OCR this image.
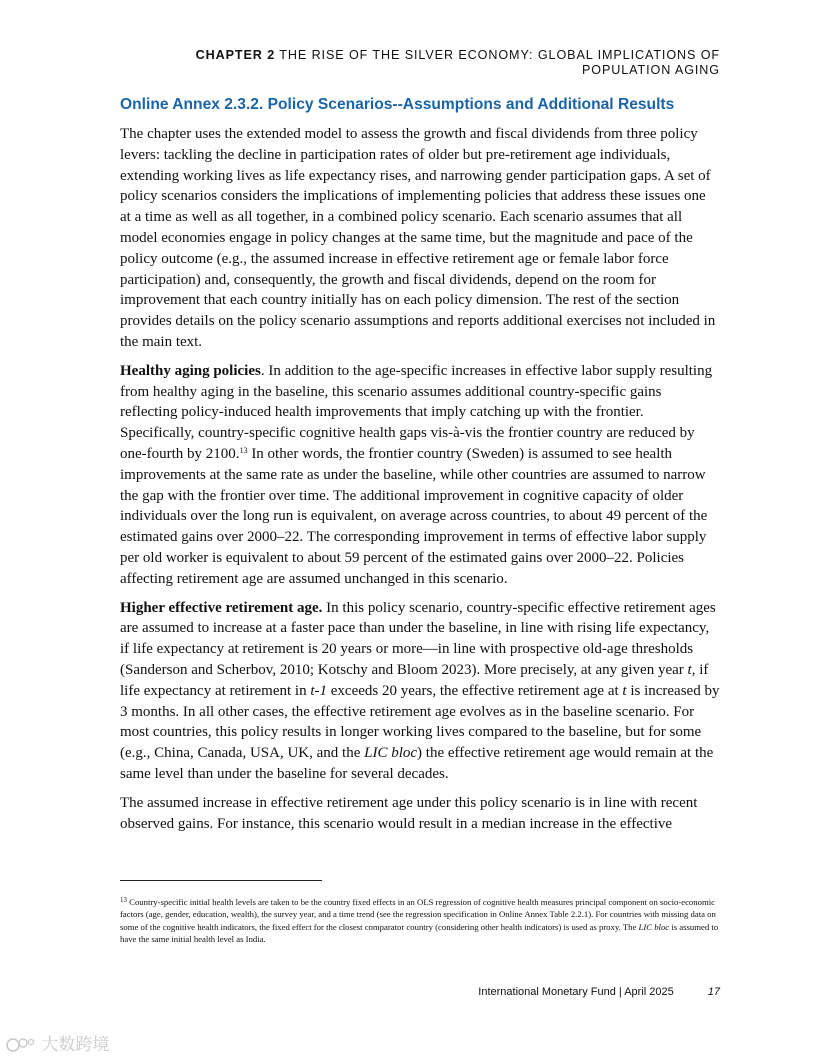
CHAPTER 2 THE RISE OF THE SILVER ECONOMY: GLOBAL IMPLICATIONS OF
POPULATION AGING
Online Annex 2.3.2. Policy Scenarios--Assumptions and Additional Results

The chapter uses the extended model to assess the growth and fiscal dividends from three policy levers: tackling the decline in participation rates of older but pre-retirement age individuals, extending working lives as life expectancy rises, and narrowing gender participation gaps. A set of policy scenarios considers the implications of implementing policies that address these issues one at a time as well as all together, in a combined policy scenario. Each scenario assumes that all model economies engage in policy changes at the same time, but the magnitude and pace of the policy outcome (e.g., the assumed increase in effective retirement age or female labor force participation) and, consequently, the growth and fiscal dividends, depend on the room for improvement that each country initially has on each policy dimension. The rest of the section provides details on the policy scenario assumptions and reports additional exercises not included in the main text.

Healthy aging policies. In addition to the age-specific increases in effective labor supply resulting from healthy aging in the baseline, this scenario assumes additional country-specific gains reflecting policy-induced health improvements that imply catching up with the frontier. Specifically, country-specific cognitive health gaps vis-à-vis the frontier country are reduced by one-fourth by 2100.13 In other words, the frontier country (Sweden) is assumed to see health improvements at the same rate as under the baseline, while other countries are assumed to narrow the gap with the frontier over time. The additional improvement in cognitive capacity of older individuals over the long run is equivalent, on average across countries, to about 49 percent of the estimated gains over 2000–22. The corresponding improvement in terms of effective labor supply per old worker is equivalent to about 59 percent of the estimated gains over 2000–22. Policies affecting retirement age are assumed unchanged in this scenario.

Higher effective retirement age. In this policy scenario, country-specific effective retirement ages are assumed to increase at a faster pace than under the baseline, in line with rising life expectancy, if life expectancy at retirement is 20 years or more—in line with prospective old-age thresholds (Sanderson and Scherbov, 2010; Kotschy and Bloom 2023). More precisely, at any given year t, if life expectancy at retirement in t-1 exceeds 20 years, the effective retirement age at t is increased by 3 months. In all other cases, the effective retirement age evolves as in the baseline scenario. For most countries, this policy results in longer working lives compared to the baseline, but for some (e.g., China, Canada, USA, UK, and the LIC bloc) the effective retirement age would remain at the same level than under the baseline for several decades.

The assumed increase in effective retirement age under this policy scenario is in line with recent observed gains. For instance, this scenario would result in a median increase in the effective

$^{13}$ Country-specific initial health levels are taken to be the country fixed effects in an OLS regression of cognitive health measures principal component on socio-economic factors (age, gender, education, wealth), the survey year, and a time trend (see the regression specification in Online Annex Table 2.2.1). For countries with missing data on some of the cognitive health indicators, the fixed effect for the closest comparator country (considering other health indicators) is used as proxy. The LIC bloc is assumed to have the same initial health level as India.
International Monetary Fund | April 2025	17
大数跨境
